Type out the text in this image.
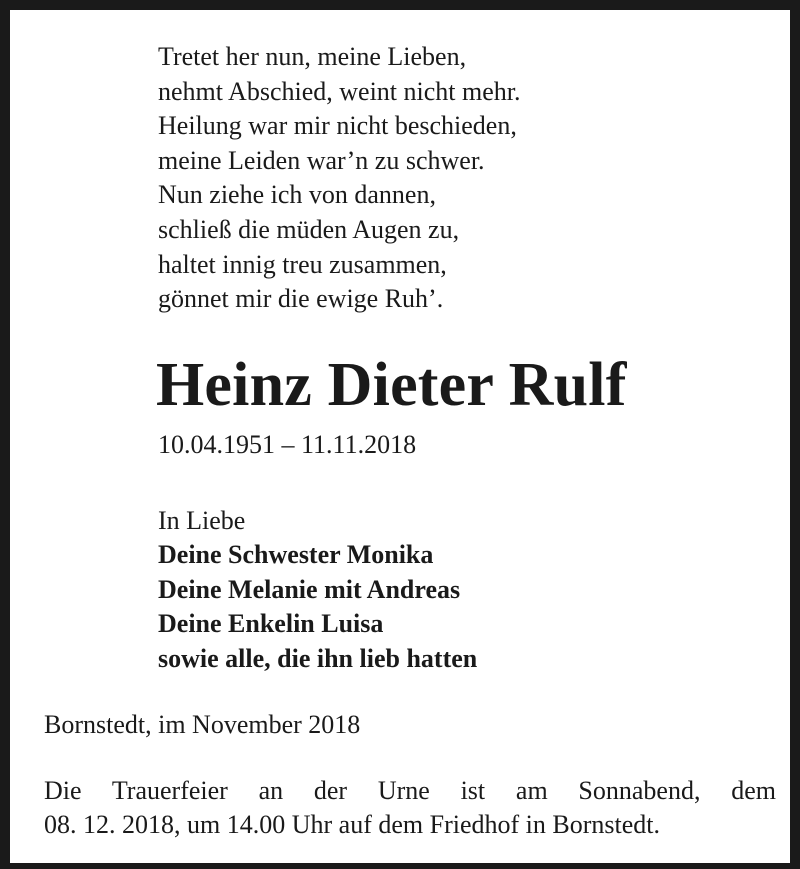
Tretet her nun, meine Lieben,
nehmt Abschied, weint nicht mehr.
Heilung war mir nicht beschieden,
meine Leiden war’n zu schwer.
Nun ziehe ich von dannen,
schließ die müden Augen zu,
haltet innig treu zusammen,
gönnet mir die ewige Ruh’.
Heinz Dieter Rulf
10.04.1951 – 11.11.2018
In Liebe
Deine Schwester Monika
Deine Melanie mit Andreas
Deine Enkelin Luisa
sowie alle, die ihn lieb hatten
Bornstedt, im November 2018
Die Trauerfeier an der Urne ist am Sonnabend, dem
08. 12. 2018, um 14.00 Uhr auf dem Friedhof in Bornstedt.
